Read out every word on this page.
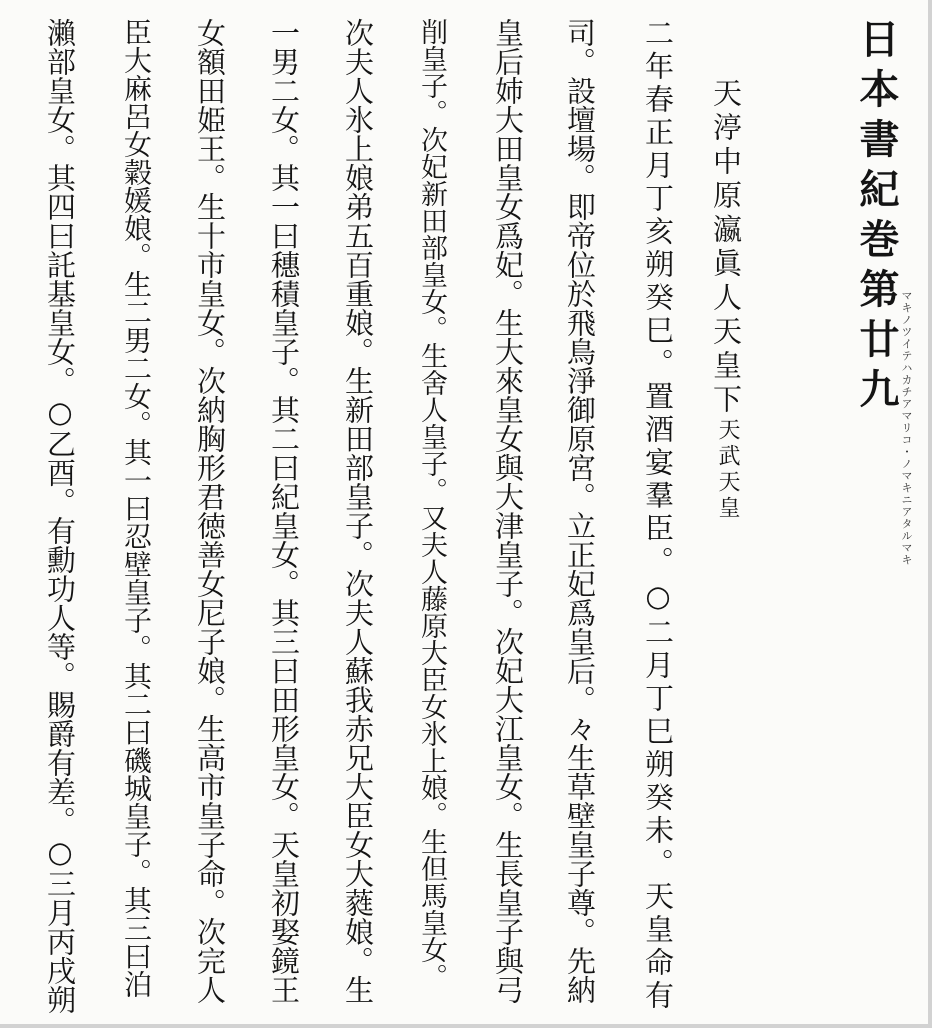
日本書紀巻第廿九
マキノツイテハカチアマリコ・ノマキニアタルマキ
天渟中原瀛眞人天皇下
天武天皇
二年春正月丁亥朔癸巳。置酒宴羣臣。○二月丁巳朔癸未。天皇命有
司。設壇場。即帝位於飛鳥淨御原宮。立正妃爲皇后。々生草壁皇子尊。先納
皇后姉大田皇女爲妃。生大來皇女與大津皇子。次妃大江皇女。生長皇子與弓
削皇子。次妃新田部皇女。生舍人皇子。又夫人藤原大臣女氷上娘。生但馬皇女。
次夫人氷上娘弟五百重娘。生新田部皇子。次夫人蘇我赤兄大臣女大蕤娘。生
一男二女。其一曰穗積皇子。其二曰紀皇女。其三曰田形皇女。天皇初娶鏡王
女額田姫王。生十市皇女。次納胸形君徳善女尼子娘。生高市皇子命。次完人
臣大麻呂女糓媛娘。生二男二女。其一曰忍壁皇子。其二曰磯城皇子。其三曰泊
瀨部皇女。其四曰託基皇女。○乙酉。有勳功人等。賜爵有差。○三月丙戌朔
